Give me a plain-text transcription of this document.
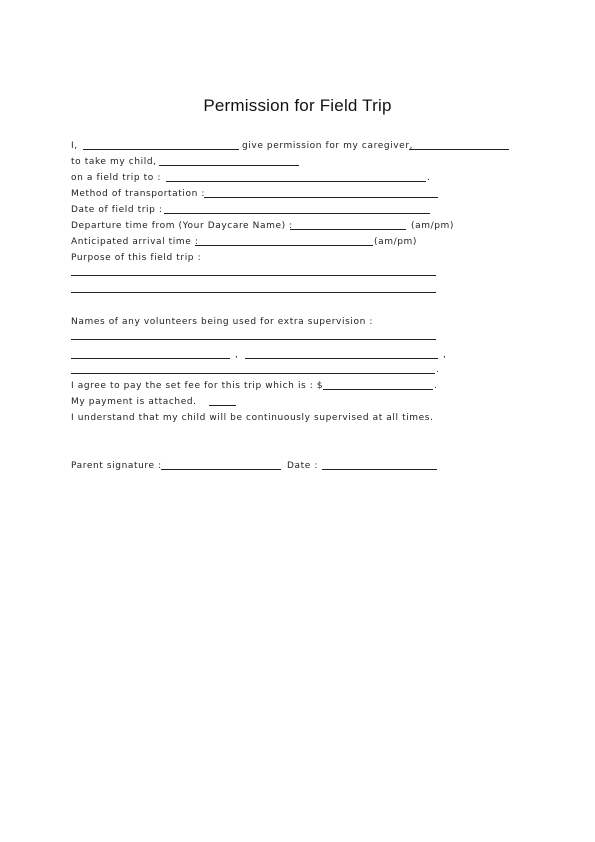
Permission for Field Trip
I,	give permission for my caregiver,
to take my child,
on a field trip to :	.
Method of transportation :
Date of field trip :
Departure time from (Your Daycare Name) :	(am/pm)
Anticipated arrival time :	(am/pm)
Purpose of this field trip :
Names of any volunteers being used for extra supervision :
,	,
.
I agree to pay the set fee for this trip which is : $	.
My payment is attached.
I understand that my child will be continuously supervised at all times.
Parent signature :	Date :
